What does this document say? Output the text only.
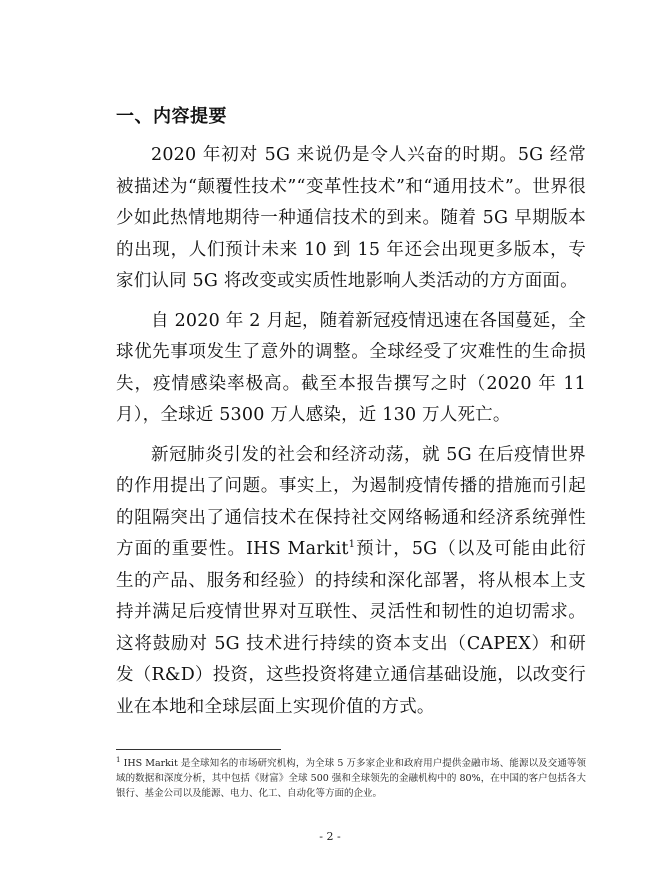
一、内容提要

2020 年初对 5G 来说仍是令人兴奋的时期。5G 经常被描述为“颠覆性技术”“变革性技术”和“通用技术”。世界很少如此热情地期待一种通信技术的到来。随着 5G 早期版本的出现，人们预计未来 10 到 15 年还会出现更多版本，专家们认同 5G 将改变或实质性地影响人类活动的方方面面。

自 2020 年 2 月起，随着新冠疫情迅速在各国蔓延，全球优先事项发生了意外的调整。全球经受了灾难性的生命损失，疫情感染率极高。截至本报告撰写之时（2020 年 11 月），全球近 5300 万人感染，近 130 万人死亡。

新冠肺炎引发的社会和经济动荡，就 5G 在后疫情世界的作用提出了问题。事实上，为遏制疫情传播的措施而引起的阻隔突出了通信技术在保持社交网络畅通和经济系统弹性方面的重要性。IHS Markit$^1$预计，5G（以及可能由此衍生的产品、服务和经验）的持续和深化部署，将从根本上支持并满足后疫情世界对互联性、灵活性和韧性的迫切需求。这将鼓励对 5G 技术进行持续的资本支出（CAPEX）和研发（R&D）投资，这些投资将建立通信基础设施，以改变行业在本地和全球层面上实现价值的方式。

$^1$ IHS Markit 是全球知名的市场研究机构，为全球 5 万多家企业和政府用户提供金融市场、能源以及交通等领域的数据和深度分析，其中包括《财富》全球 500 强和全球领先的金融机构中的 80%，在中国的客户包括各大银行、基金公司以及能源、电力、化工、自动化等方面的企业。
- 2 -
